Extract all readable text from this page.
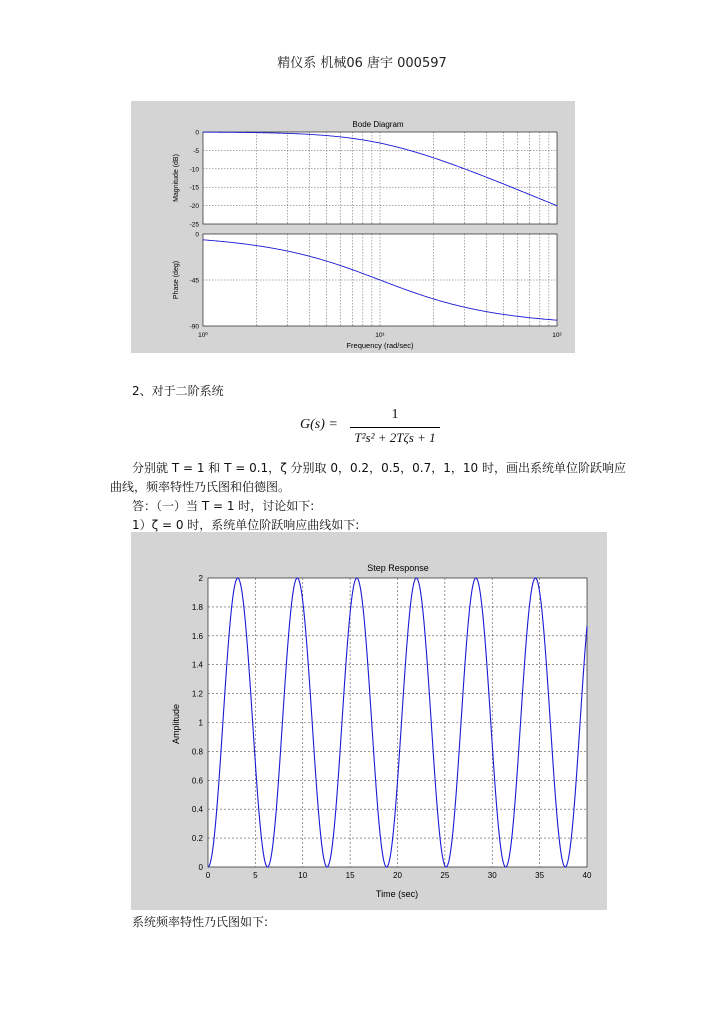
精仪系 机械06 唐宇 000597
Bode Diagram
0
-5
-10
-15
-20
-25
Magnitude (dB)
0
-45
-90
Phase (deg)
10⁰	10¹	10²
Frequency (rad/sec)
2、对于二阶系统
G(s) =
1
T²s² + 2Tζs + 1
分别就 T = 1 和 T = 0.1，ζ 分别取 0，0.2，0.5，0.7，1，10 时，画出系统单位阶跃响应
曲线，频率特性乃氏图和伯德图。
答：（一）当 T = 1 时，讨论如下:
1）ζ = 0 时，系统单位阶跃响应曲线如下:
Step Response
0
0.2
0.4
0.6
0.8
1
1.2
1.4
1.6
1.8
2
0	5	10	15	20	25	30	35	40
Amplitude
Time (sec)
系统频率特性乃氏图如下:
